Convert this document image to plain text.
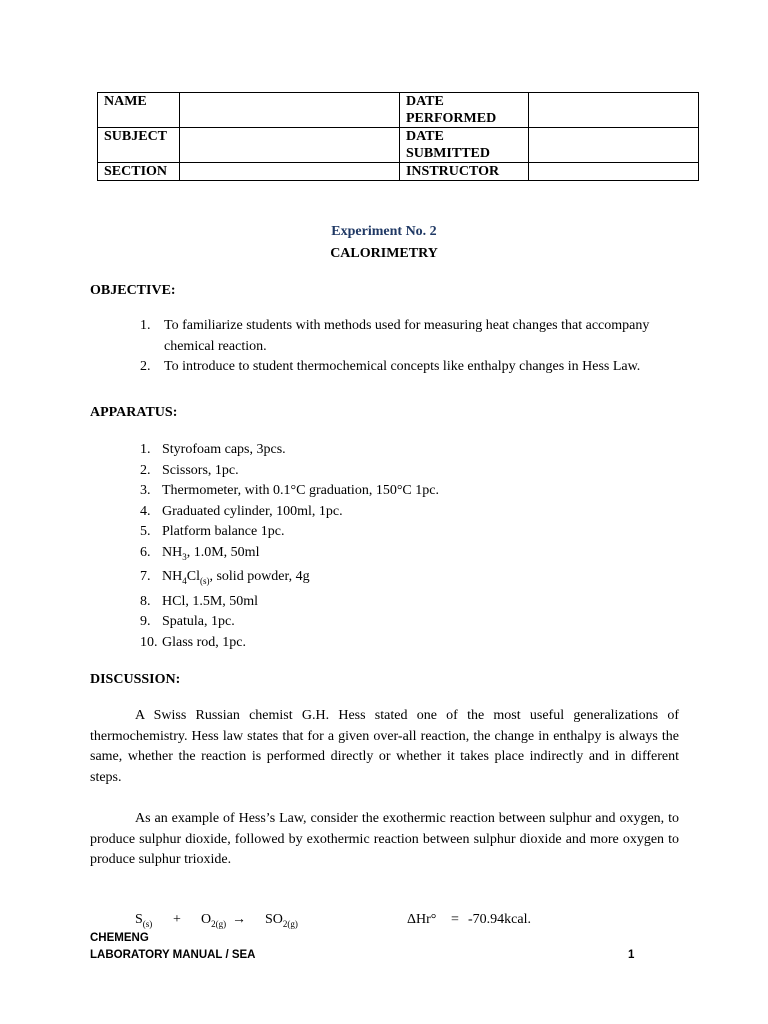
NAME		DATE PERFORMED	
SUBJECT		DATE SUBMITTED	
SECTION		INSTRUCTOR	
Experiment No. 2
CALORIMETRY
OBJECTIVE:
1. To familiarize students with methods used for measuring heat changes that accompany chemical reaction.
2. To introduce to student thermochemical concepts like enthalpy changes in Hess Law.
APPARATUS:
1. Styrofoam caps, 3pcs.
2. Scissors, 1pc.
3. Thermometer, with 0.1°C graduation, 150°C 1pc.
4. Graduated cylinder, 100ml, 1pc.
5. Platform balance 1pc.
6. $NH_3$, 1.0M, 50ml
7. $NH_4Cl_{(s)}$, solid powder, 4g
8. HCl, 1.5M, 50ml
9. Spatula, 1pc.
10. Glass rod, 1pc.
DISCUSSION:

A Swiss Russian chemist G.H. Hess stated one of the most useful generalizations of thermochemistry. Hess law states that for a given over-all reaction, the change in enthalpy is always the same, whether the reaction is performed directly or whether it takes place indirectly and in different steps.

As an example of Hess’s Law, consider the exothermic reaction between sulphur and oxygen, to produce sulphur dioxide, followed by exothermic reaction between sulphur dioxide and more oxygen to produce sulphur trioxide.

$S_{(s)} + O_{2(g)} \to SO_{2(g)}$	ΔHr° = -70.94kcal.
CHEMENG
LABORATORY MANUAL / SEA	1
